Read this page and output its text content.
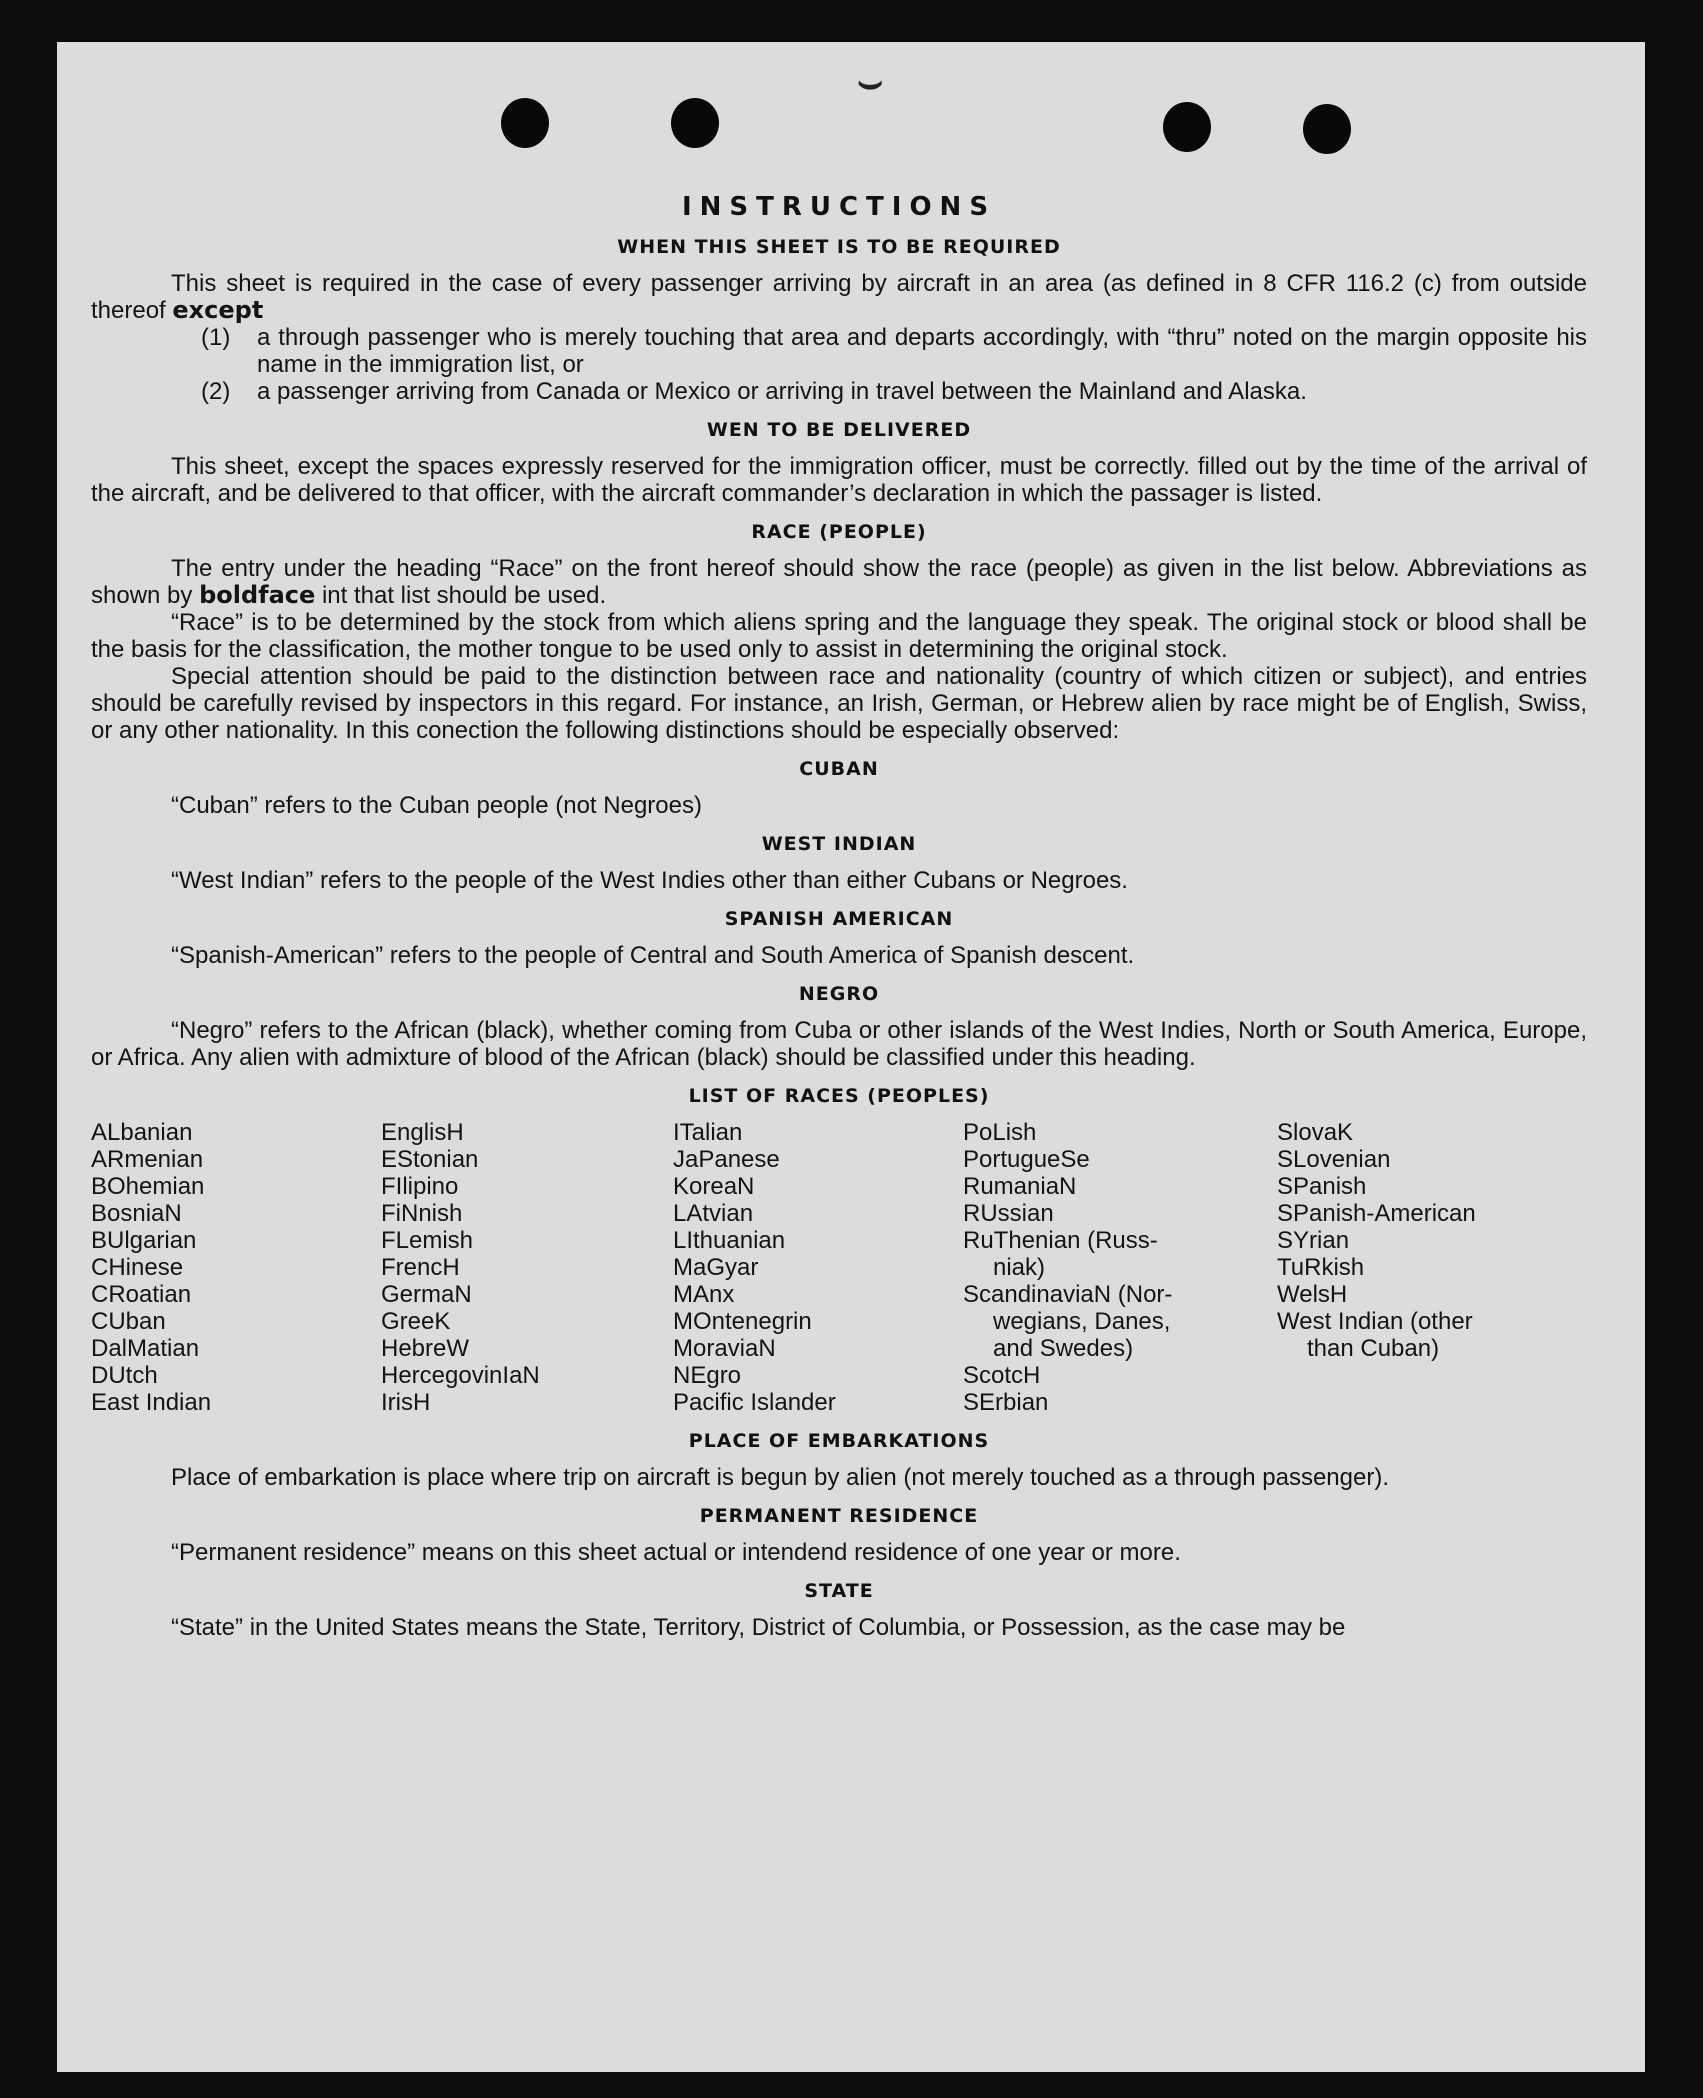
⌣
INSTRUCTIONS
WHEN THIS SHEET IS TO BE REQUIRED

This sheet is required in the case of every passenger arriving by aircraft in an area (as defined in 8 CFR 116.2 (c) from outside thereof except

(1)	a through passenger who is merely touching that area and departs accordingly, with “thru” noted on the margin opposite his name in the immigration list, or
(2)	a passenger arriving from Canada or Mexico or arriving in travel between the Mainland and Alaska.
WEN TO BE DELIVERED

This sheet, except the spaces expressly reserved for the immigration officer, must be correctly. filled out by the time of the arrival of the aircraft, and be delivered to that officer, with the aircraft commander’s declaration in which the passager is listed.

RACE (PEOPLE)

The entry under the heading “Race” on the front hereof should show the race (people) as given in the list below. Abbreviations as shown by boldface int that list should be used.

“Race” is to be determined by the stock from which aliens spring and the language they speak. The original stock or blood shall be the basis for the classification, the mother tongue to be used only to assist in determining the original stock.

Special attention should be paid to the distinction between race and nationality (country of which citizen or subject), and entries should be carefully revised by inspectors in this regard. For instance, an Irish, German, or Hebrew alien by race might be of English, Swiss, or any other nationality. In this conection the following distinctions should be especially observed:

CUBAN

“Cuban” refers to the Cuban people (not Negroes)

WEST INDIAN

“West Indian” refers to the people of the West Indies other than either Cubans or Negroes.

SPANISH AMERICAN

“Spanish-American” refers to the people of Central and South America of Spanish descent.

NEGRO

“Negro” refers to the African (black), whether coming from Cuba or other islands of the West Indies, North or South America, Europe, or Africa. Any alien with admixture of blood of the African (black) should be classified under this heading.

LIST OF RACES (PEOPLES)
ALbanian
ARmenian
BOhemian
BosniaN
BUlgarian
CHinese
CRoatian
CUban
DalMatian
DUtch
East Indian
EnglisH
EStonian
FIlipino
FiNnish
FLemish
FrencH
GermaN
GreeK
HebreW
HercegovinIaN
IrisH
ITalian
JaPanese
KoreaN
LAtvian
LIthuanian
MaGyar
MAnx
MOntenegrin
MoraviaN
NEgro
Pacific Islander
PoLish
PortugueSe
RumaniaN
RUssian
RuThenian (Russ-
niak)
ScandinaviaN (Nor-
wegians, Danes,
and Swedes)
ScotcH
SErbian
SlovaK
SLovenian
SPanish
SPanish-American
SYrian
TuRkish
WelsH
West Indian (other
than Cuban)
PLACE OF EMBARKATIONS

Place of embarkation is place where trip on aircraft is begun by alien (not merely touched as a through passenger).

PERMANENT RESIDENCE

“Permanent residence” means on this sheet actual or intendend residence of one year or more.

STATE

“State” in the United States means the State, Territory, District of Columbia, or Possession, as the case may be
